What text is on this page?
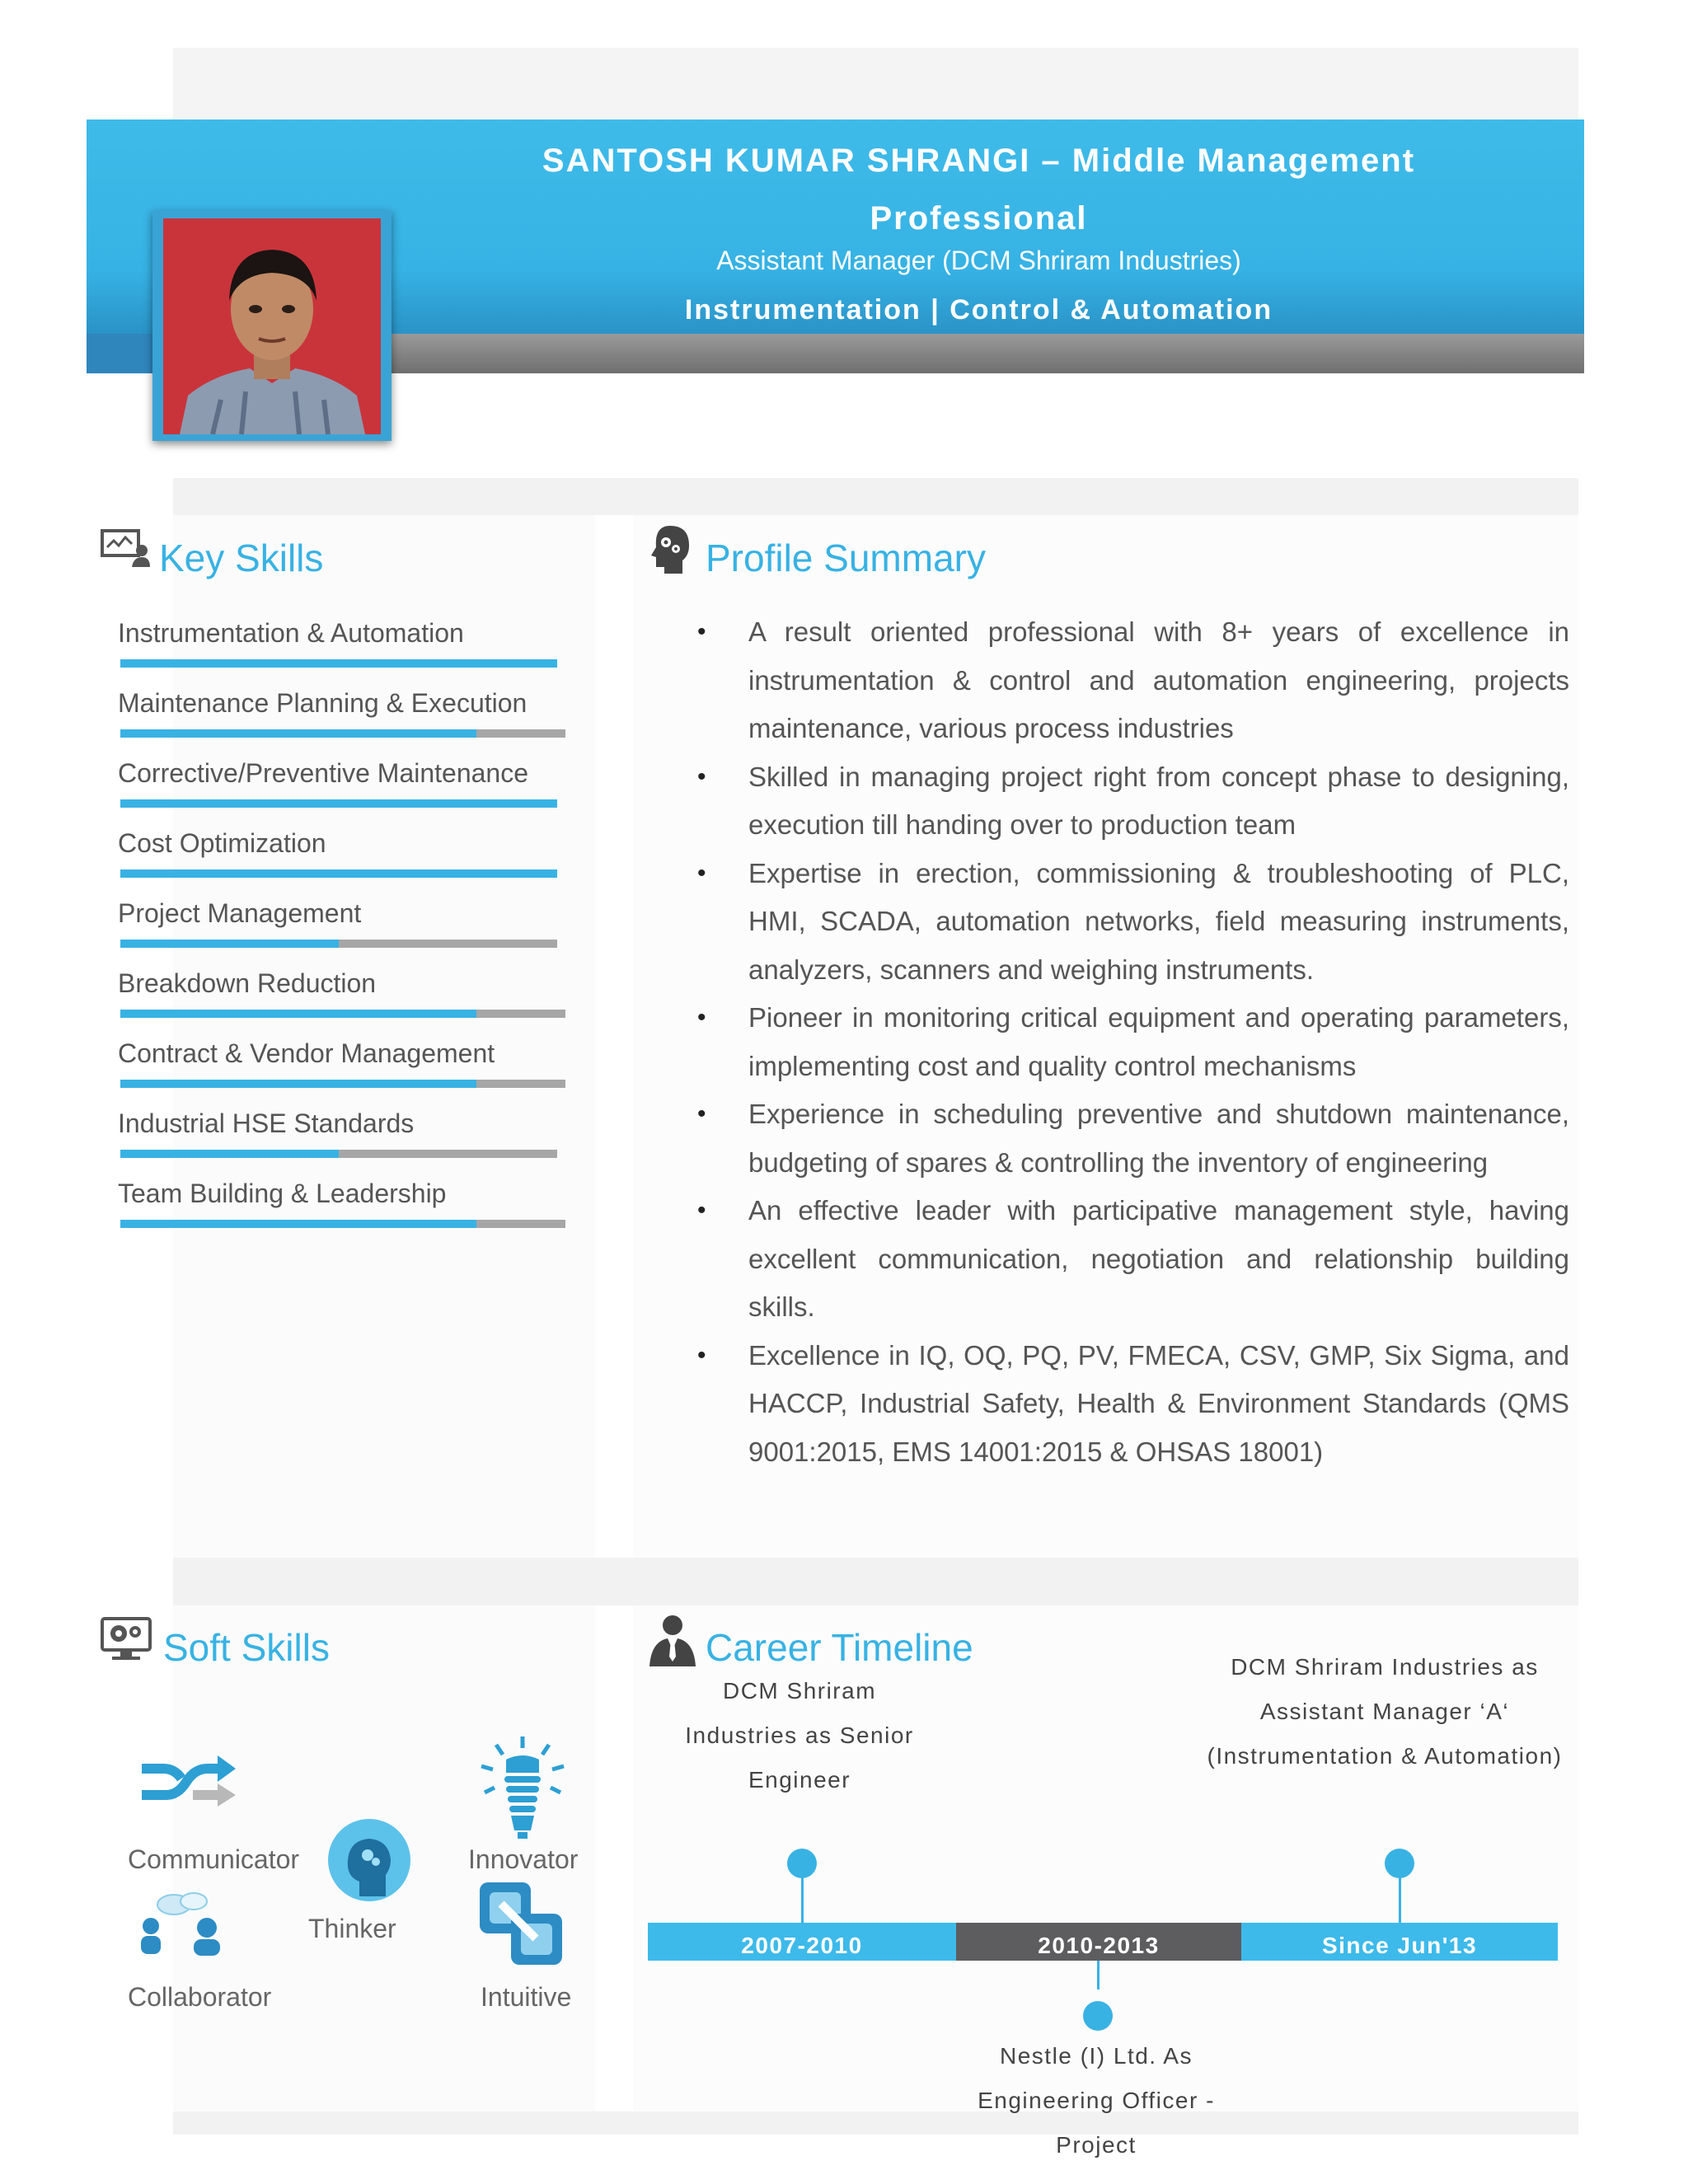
SANTOSH KUMAR SHRANGI – Middle Management
Professional
Assistant Manager (DCM Shriram Industries)
Instrumentation | Control & Automation
Key Skills
Instrumentation & Automation
Maintenance Planning & Execution
Corrective/Preventive Maintenance
Cost Optimization
Project Management
Breakdown Reduction
Contract & Vendor Management
Industrial HSE Standards
Team Building & Leadership
Profile Summary
• A result oriented professional with 8+ years of excellence in instrumentation & control and automation engineering, projects maintenance, various process industries
• Skilled in managing project right from concept phase to designing, execution till handing over to production team
• Expertise in erection, commissioning & troubleshooting of PLC, HMI, SCADA, automation networks, field measuring instruments, analyzers, scanners and weighing instruments.
• Pioneer in monitoring critical equipment and operating parameters, implementing cost and quality control mechanisms
• Experience in scheduling preventive and shutdown maintenance, budgeting of spares & controlling the inventory of engineering
• An effective leader with participative management style, having excellent communication, negotiation and relationship building skills.
• Excellence in IQ, OQ, PQ, PV, FMECA, CSV, GMP, Six Sigma, and HACCP, Industrial Safety, Health & Environment Standards (QMS 9001:2015, EMS 14001:2015 & OHSAS 18001)
Soft Skills
Communicator
Thinker
Innovator
Collaborator	Intuitive
Career Timeline
DCM Shriram
Industries as Senior
Engineer
DCM Shriram Industries as
Assistant Manager ‘A‘
(Instrumentation & Automation)
2007-2010	2010-2013	Since Jun'13
Nestle (I) Ltd. As
Engineering Officer -
Project
